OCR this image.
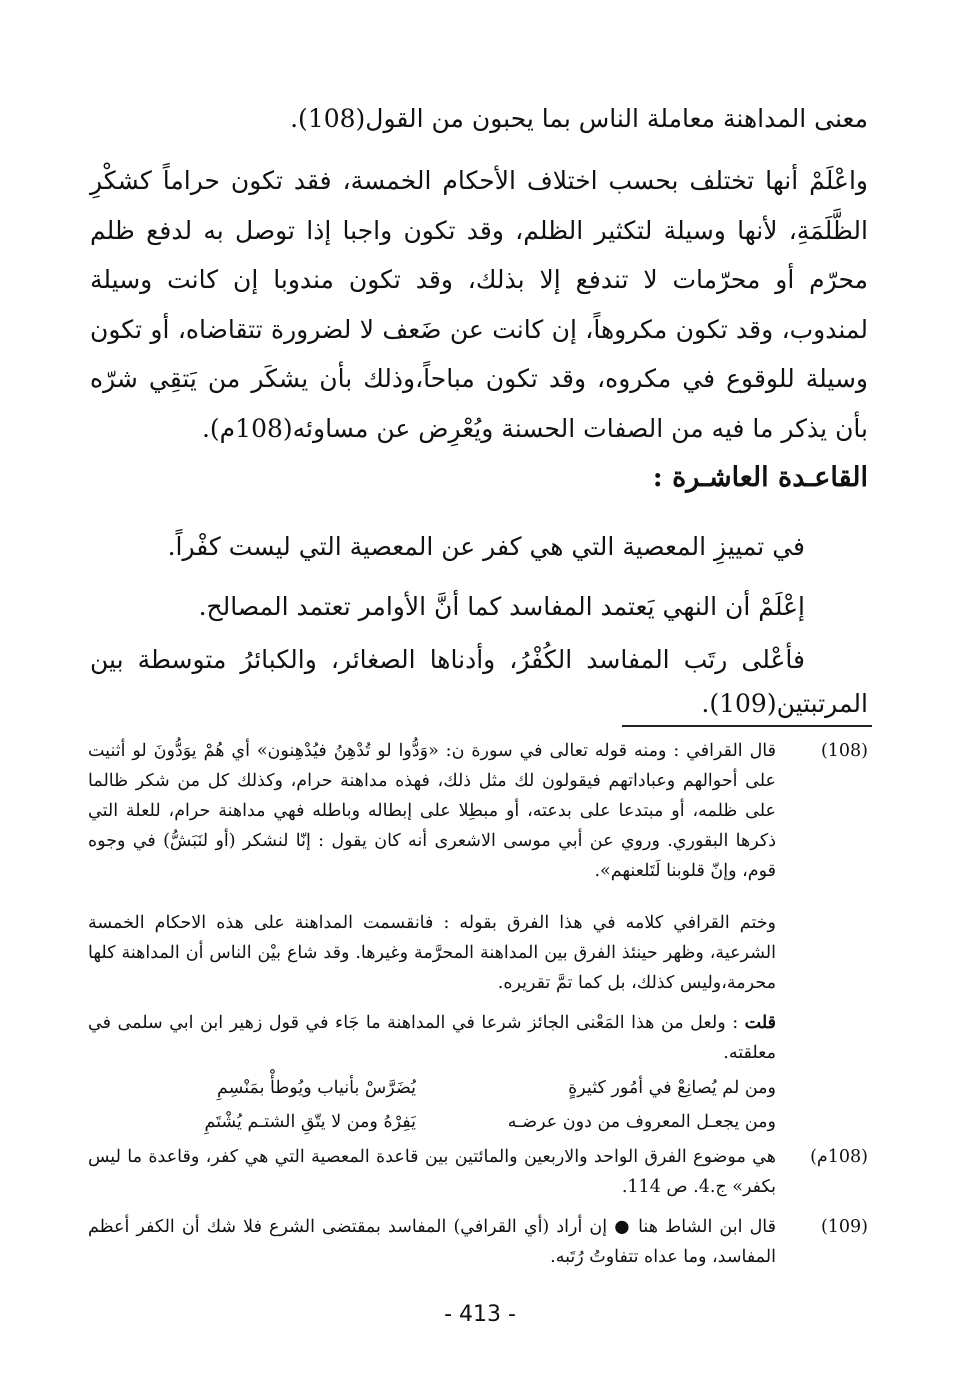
معنى المداهنة معاملة الناس بما يحبون من القول(108).
واعْلَمْ أنها تختلف بحسب اختلاف الأحكام الخمسة، فقد تكون حراماً كشكْرِ الظَّلَمَةِ، لأنها وسيلة لتكثير الظلم، وقد تكون واجبا إذا توصل به لدفع ظلم محرّم أو محرّمات لا تندفع إلا بذلك، وقد تكون مندوبا إن كانت وسيلة لمندوب، وقد تكون مكروهاً، إن كانت عن ضَعف لا لضرورة تتقاضاه، أو تكون وسيلة للوقوع في مكروه، وقد تكون مباحاً،وذلك بأن يشكَر من يَتقِي شرّه بأن يذكر ما فيه من الصفات الحسنة ويُعْرِض عن مساوئه(108م).
القاعـدة العاشـرة :
في تمييزِ المعصية التي هي كفر عن المعصية التي ليست كفْراً.
إعْلَمْ أن النهي يَعتمد المفاسد كما أنَّ الأوامر تعتمد المصالح.
فأعْلى رتَب المفاسد الكُفْرُ، وأدناها الصغائر، والكبائرُ متوسطة بين المرتبتين(109).
(108)
قال القرافي : ومنه قوله تعالى في سورة ن: «وَدُّوا لو تُدْهِنُ فيُدْهِنون» أي هُمْ يوَدُّونَ لو أثنيت على أحوالهم وعباداتهم فيقولون لك مثل ذلك، فهذه مداهنة حرام، وكذلك كل من شكر ظالما على ظلمه، أو مبتدعا على بدعته، أو مبطِلا على إبطاله وباطله فهي مداهنة حرام، للعلة التي ذكرها البقوري. وروي عن أبي موسى الاشعرى أنه كان يقول : إنّا لنشكر (أو لنَبَشُّ) في وجوه قوم، وإنّ قلوبنا لَتَلعنهم».
وختم القرافي كلامه في هذا الفرق بقوله : فانقسمت المداهنة على هذه الاحكام الخمسة الشرعية، وظهر حينئذ الفرق بين المداهنة المحرَّمة وغيرها. وقد شاع بيْن الناس أن المداهنة كلها محرمة،وليس كذلك، بل كما تمَّ تقريره.
قلت : ولعل من هذا المَعْنى الجائز شرعا في المداهنة ما جَاء في قول زهير ابن ابي سلمى في معلقته.
ومن لم يُصانِعْ في أمُور كثيرةٍ
يُضَرَّسْ بأنياب ويُوطأْ بمَنْسِمِ
ومن يجعـل المعروف من دون عرضـه
يَفِرْهُ ومن لا يتّقِ الشتـم يُشْتَمِ
(108م)
هي موضوع الفرق الواحد والاربعين والمائتين بين قاعدة المعصية التي هي كفر، وقاعدة ما ليس بكفر» ج.4. ص 114.
(109)
قال ابن الشاط هنا ● إن أراد (أي القرافي) المفاسد بمقتضى الشرع فلا شك أن الكفر أعظم المفاسد، وما عداه تتفاوتُ رُتَبه.
- 413 -
